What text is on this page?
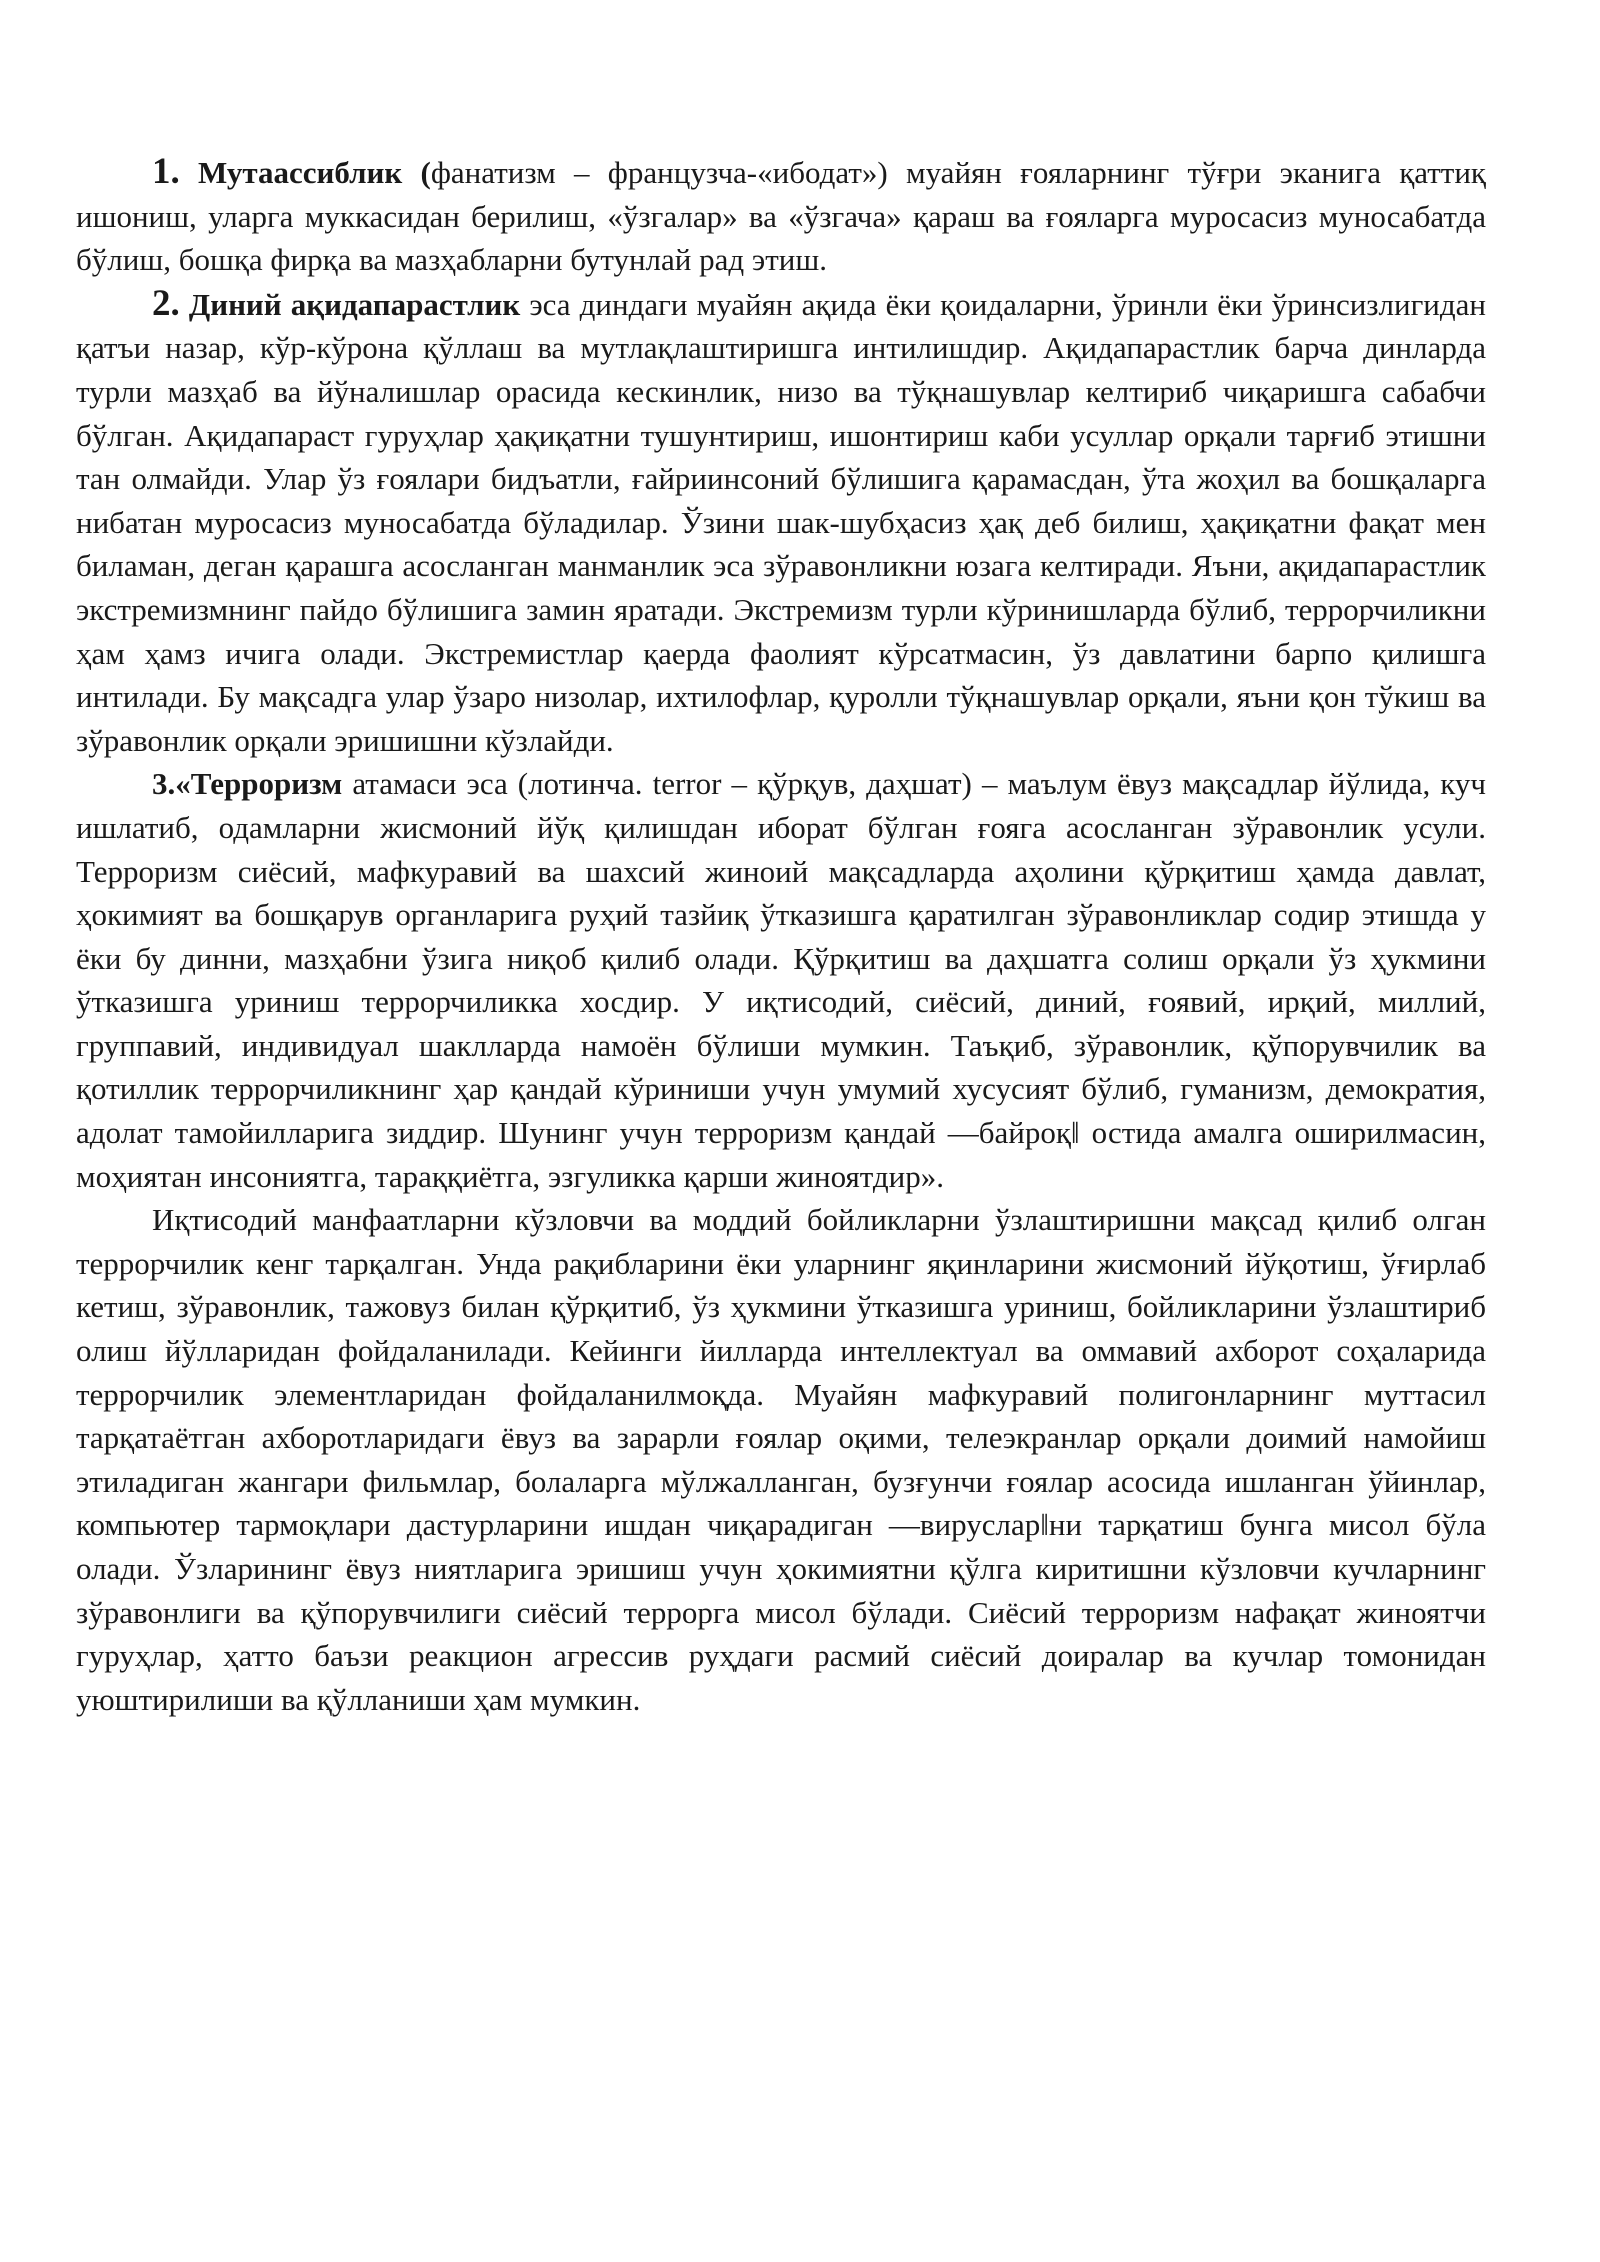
1. Мутаассиблик (фанатизм – французча-«ибодат») муайян ғояларнинг тўғри эканига қаттиқ ишониш, уларга муккасидан берилиш, «ўзгалар» ва «ўзгача» қараш ва ғояларга муросасиз муносабатда бўлиш, бошқа фирқа ва мазҳабларни бутунлай рад этиш.

2. Диний ақидапарастлик эса диндаги муайян ақида ёки қоидаларни, ўринли ёки ўринсизлигидан қатъи назар, кўр-кўрона қўллаш ва мутлақлаштиришга интилишдир. Ақидапарастлик барча динларда турли мазҳаб ва йўналишлар орасида кескинлик, низо ва тўқнашувлар келтириб чиқаришга сабабчи бўлган. Ақидапараст гуруҳлар ҳақиқатни тушунтириш, ишонтириш каби усуллар орқали тарғиб этишни тан олмайди. Улар ўз ғоялари бидъатли, ғайриинсоний бўлишига қарамасдан, ўта жоҳил ва бошқаларга нибатан муросасиз муносабатда бўладилар. Ўзини шак-шубҳасиз ҳақ деб билиш, ҳақиқатни фақат мен биламан, деган қарашга асосланган манманлик эса зўравонликни юзага келтиради. Яъни, ақидапарастлик экстремизмнинг пайдо бўлишига замин яратади. Экстремизм турли кўринишларда бўлиб, террорчиликни ҳам ҳамз ичига олади. Экстремистлар қаерда фаолият кўрсатмасин, ўз давлатини барпо қилишга интилади. Бу мақсадга улар ўзаро низолар, ихтилофлар, қуролли тўқнашувлар орқали, яъни қон тўкиш ва зўравонлик орқали эришишни кўзлайди.

3.«Терроризм атамаси эса (лотинча. terror – қўрқув, даҳшат) – маълум ёвуз мақсадлар йўлида, куч ишлатиб, одамларни жисмоний йўқ қилишдан иборат бўлган ғояга асосланган зўравонлик усули. Терроризм сиёсий, мафкуравий ва шахсий жиноий мақсадларда аҳолини қўрқитиш ҳамда давлат, ҳокимият ва бошқарув органларига руҳий тазйиқ ўтказишга қаратилган зўравонликлар содир этишда у ёки бу динни, мазҳабни ўзига ниқоб қилиб олади. Қўрқитиш ва даҳшатга солиш орқали ўз ҳукмини ўтказишга уриниш террорчиликка хосдир. У иқтисодий, сиёсий, диний, ғоявий, ирқий, миллий, группавий, индивидуал шаклларда намоён бўлиши мумкин. Таъқиб, зўравонлик, қўпорувчилик ва қотиллик террорчиликнинг ҳар қандай кўриниши учун умумий хусусият бўлиб, гуманизм, демократия, адолат тамойилларига зиддир. Шунинг учун терроризм қандай ―байроқ‖ остида амалга оширилмасин, моҳиятан инсониятга, тараққиётга, эзгуликка қарши жиноятдир».

Иқтисодий манфаатларни кўзловчи ва моддий бойликларни ўзлаштиришни мақсад қилиб олган террорчилик кенг тарқалган. Унда рақибларини ёки уларнинг яқинларини жисмоний йўқотиш, ўғирлаб кетиш, зўравонлик, тажовуз билан қўрқитиб, ўз ҳукмини ўтказишга уриниш, бойликларини ўзлаштириб олиш йўлларидан фойдаланилади. Кейинги йилларда интеллектуал ва оммавий ахборот соҳаларида террорчилик элементларидан фойдаланилмоқда. Муайян мафкуравий полигонларнинг муттасил тарқатаётган ахборотларидаги ёвуз ва зарарли ғоялар оқими, телеэкранлар орқали доимий намойиш этиладиган жангари фильмлар, болаларга мўлжалланган, бузғунчи ғоялар асосида ишланган ўйинлар, компьютер тармоқлари дастурларини ишдан чиқарадиган ―вируслар‖ни тарқатиш бунга мисол бўла олади. Ўзларининг ёвуз ниятларига эришиш учун ҳокимиятни қўлга киритишни кўзловчи кучларнинг зўравонлиги ва қўпорувчилиги сиёсий террорга мисол бўлади. Сиёсий терроризм нафақат жиноятчи гуруҳлар, ҳатто баъзи реакцион агрессив руҳдаги расмий сиёсий доиралар ва кучлар томонидан уюштирилиши ва қўлланиши ҳам мумкин.
